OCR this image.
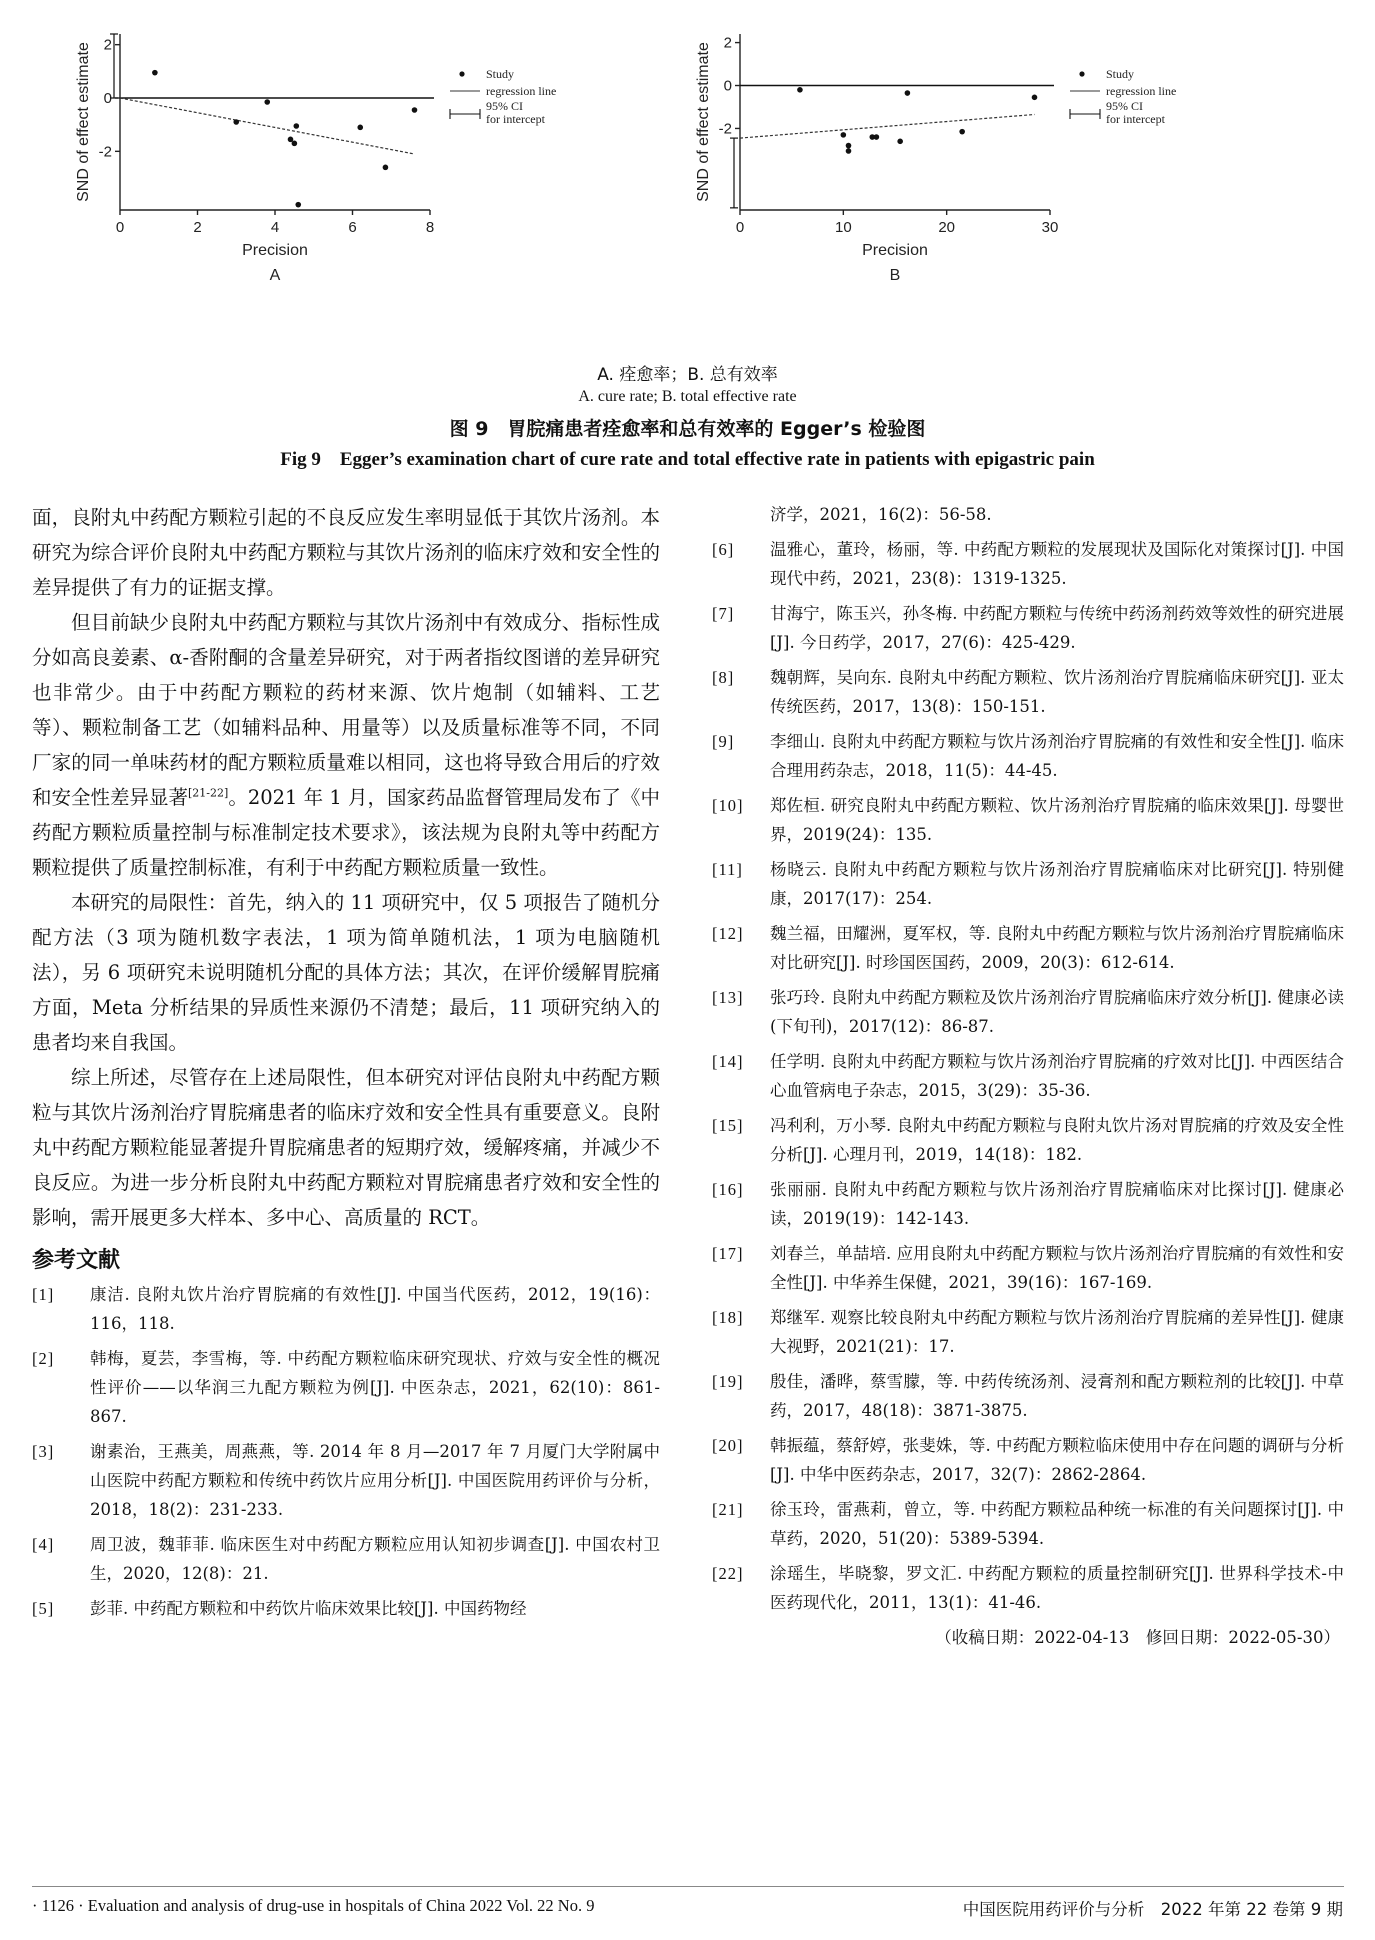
0	2	4	6	8
2
0
-2
Precision
SND of effect estimate
A
Study
regression line
95% CI
for intercept
0	10	20	30
2
0
-2
Precision
SND of effect estimate
B
Study
regression line
95% CI
for intercept
A. 痊愈率；B. 总有效率
A. cure rate; B. total effective rate
图 9　胃脘痛患者痊愈率和总有效率的 Egger’s 检验图
Fig 9　Egger’s examination chart of cure rate and total effective rate in patients with epigastric pain

面，良附丸中药配方颗粒引起的不良反应发生率明显低于其饮片汤剂。本研究为综合评价良附丸中药配方颗粒与其饮片汤剂的临床疗效和安全性的差异提供了有力的证据支撑。

但目前缺少良附丸中药配方颗粒与其饮片汤剂中有效成分、指标性成分如高良姜素、α-香附酮的含量差异研究，对于两者指纹图谱的差异研究也非常少。由于中药配方颗粒的药材来源、饮片炮制（如辅料、工艺等）、颗粒制备工艺（如辅料品种、用量等）以及质量标准等不同，不同厂家的同一单味药材的配方颗粒质量难以相同，这也将导致合用后的疗效和安全性差异显著[21-22]。2021 年 1 月，国家药品监督管理局发布了《中药配方颗粒质量控制与标准制定技术要求》，该法规为良附丸等中药配方颗粒提供了质量控制标准，有利于中药配方颗粒质量一致性。

本研究的局限性：首先，纳入的 11 项研究中，仅 5 项报告了随机分配方法（3 项为随机数字表法，1 项为简单随机法，1 项为电脑随机法），另 6 项研究未说明随机分配的具体方法；其次，在评价缓解胃脘痛方面，Meta 分析结果的异质性来源仍不清楚；最后，11 项研究纳入的患者均来自我国。

综上所述，尽管存在上述局限性，但本研究对评估良附丸中药配方颗粒与其饮片汤剂治疗胃脘痛患者的临床疗效和安全性具有重要意义。良附丸中药配方颗粒能显著提升胃脘痛患者的短期疗效，缓解疼痛，并减少不良反应。为进一步分析良附丸中药配方颗粒对胃脘痛患者疗效和安全性的影响，需开展更多大样本、多中心、高质量的 RCT。

参考文献
[1]	康洁. 良附丸饮片治疗胃脘痛的有效性[J]. 中国当代医药，2012，19(16)：116，118.
[2]	韩梅，夏芸，李雪梅，等. 中药配方颗粒临床研究现状、疗效与安全性的概况性评价——以华润三九配方颗粒为例[J]. 中医杂志，2021，62(10)：861-867.
[3]	谢素治，王燕美，周燕燕，等. 2014 年 8 月—2017 年 7 月厦门大学附属中山医院中药配方颗粒和传统中药饮片应用分析[J]. 中国医院用药评价与分析，2018，18(2)：231-233.
[4]	周卫波，魏菲菲. 临床医生对中药配方颗粒应用认知初步调查[J]. 中国农村卫生，2020，12(8)：21.
[5]	彭菲. 中药配方颗粒和中药饮片临床效果比较[J]. 中国药物经
济学，2021，16(2)：56-58.
[6]	温雅心，董玲，杨丽，等. 中药配方颗粒的发展现状及国际化对策探讨[J]. 中国现代中药，2021，23(8)：1319-1325.
[7]	甘海宁，陈玉兴，孙冬梅. 中药配方颗粒与传统中药汤剂药效等效性的研究进展[J]. 今日药学，2017，27(6)：425-429.
[8]	魏朝辉，吴向东. 良附丸中药配方颗粒、饮片汤剂治疗胃脘痛临床研究[J]. 亚太传统医药，2017，13(8)：150-151.
[9]	李细山. 良附丸中药配方颗粒与饮片汤剂治疗胃脘痛的有效性和安全性[J]. 临床合理用药杂志，2018，11(5)：44-45.
[10]	郑佐桓. 研究良附丸中药配方颗粒、饮片汤剂治疗胃脘痛的临床效果[J]. 母婴世界，2019(24)：135.
[11]	杨晓云. 良附丸中药配方颗粒与饮片汤剂治疗胃脘痛临床对比研究[J]. 特别健康，2017(17)：254.
[12]	魏兰福，田耀洲，夏军权，等. 良附丸中药配方颗粒与饮片汤剂治疗胃脘痛临床对比研究[J]. 时珍国医国药，2009，20(3)：612-614.
[13]	张巧玲. 良附丸中药配方颗粒及饮片汤剂治疗胃脘痛临床疗效分析[J]. 健康必读(下旬刊)，2017(12)：86-87.
[14]	任学明. 良附丸中药配方颗粒与饮片汤剂治疗胃脘痛的疗效对比[J]. 中西医结合心血管病电子杂志，2015，3(29)：35-36.
[15]	冯利利，万小琴. 良附丸中药配方颗粒与良附丸饮片汤对胃脘痛的疗效及安全性分析[J]. 心理月刊，2019，14(18)：182.
[16]	张丽丽. 良附丸中药配方颗粒与饮片汤剂治疗胃脘痛临床对比探讨[J]. 健康必读，2019(19)：142-143.
[17]	刘春兰，单喆培. 应用良附丸中药配方颗粒与饮片汤剂治疗胃脘痛的有效性和安全性[J]. 中华养生保健，2021，39(16)：167-169.
[18]	郑继军. 观察比较良附丸中药配方颗粒与饮片汤剂治疗胃脘痛的差异性[J]. 健康大视野，2021(21)：17.
[19]	殷佳，潘晔，蔡雪朦，等. 中药传统汤剂、浸膏剂和配方颗粒剂的比较[J]. 中草药，2017，48(18)：3871-3875.
[20]	韩振蕴，蔡舒婷，张斐姝，等. 中药配方颗粒临床使用中存在问题的调研与分析[J]. 中华中医药杂志，2017，32(7)：2862-2864.
[21]	徐玉玲，雷燕莉，曾立，等. 中药配方颗粒品种统一标准的有关问题探讨[J]. 中草药，2020，51(20)：5389-5394.
[22]	涂瑶生，毕晓黎，罗文汇. 中药配方颗粒的质量控制研究[J]. 世界科学技术-中医药现代化，2011，13(1)：41-46.
（收稿日期：2022-04-13　修回日期：2022-05-30）
· 1126 · Evaluation and analysis of drug-use in hospitals of China 2022 Vol. 22 No. 9	中国医院用药评价与分析　2022 年第 22 卷第 9 期
